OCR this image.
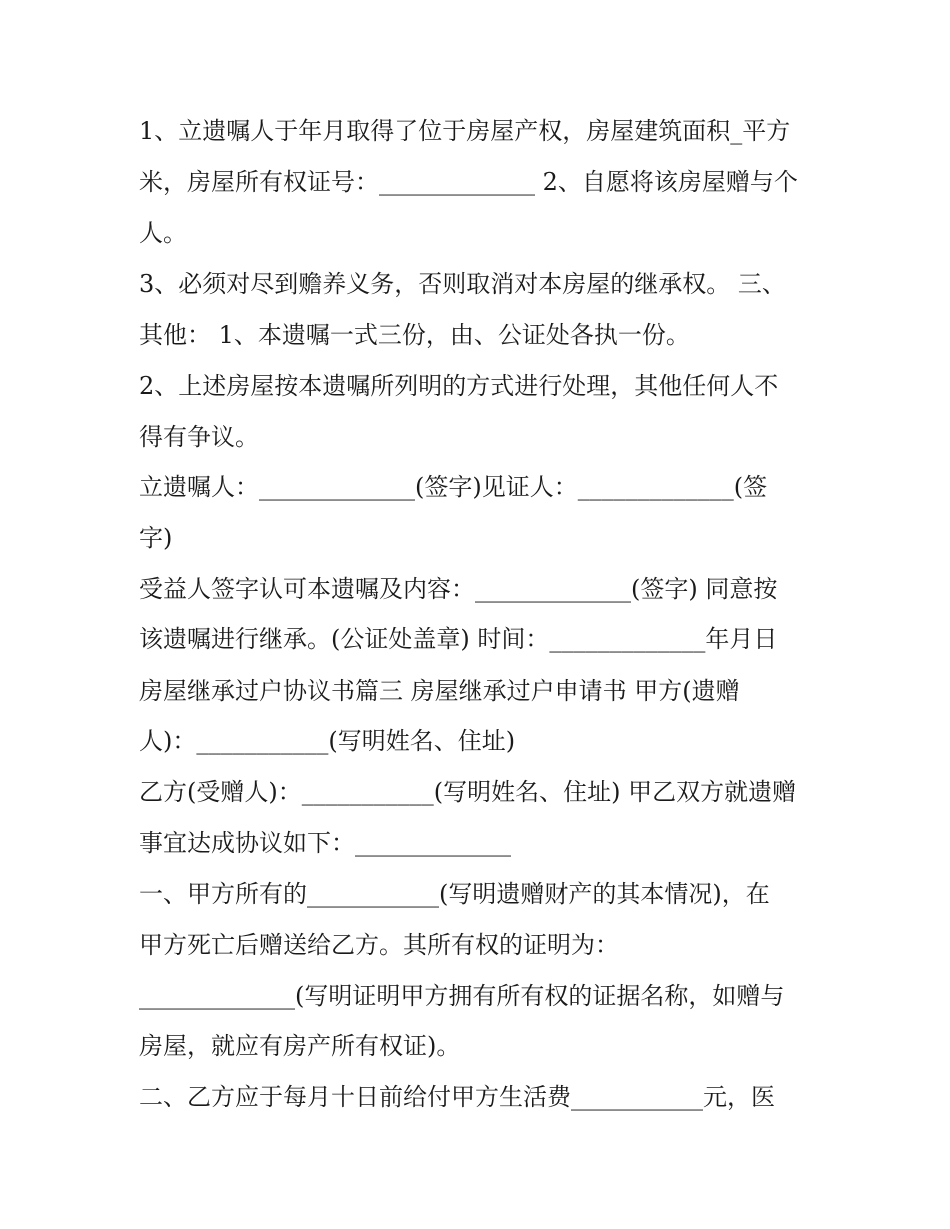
1、立遗嘱人于年月取得了位于房屋产权，房屋建筑面积_平方
米，房屋所有权证号：_____________ 2、自愿将该房屋赠与个
人。
3、必须对尽到赡养义务，否则取消对本房屋的继承权。 三、
其他： 1、本遗嘱一式三份，由、公证处各执一份。
2、上述房屋按本遗嘱所列明的方式进行处理，其他任何人不
得有争议。
立遗嘱人：_____________(签字)见证人：_____________(签
字)
受益人签字认可本遗嘱及内容：_____________(签字) 同意按
该遗嘱进行继承。(公证处盖章) 时间：_____________年月日
房屋继承过户协议书篇三 房屋继承过户申请书 甲方(遗赠
人)：___________(写明姓名、住址)
乙方(受赠人)：___________(写明姓名、住址) 甲乙双方就遗赠
事宜达成协议如下：_____________
一、甲方所有的___________(写明遗赠财产的其本情况)，在
甲方死亡后赠送给乙方。其所有权的证明为：
_____________(写明证明甲方拥有所有权的证据名称，如赠与
房屋，就应有房产所有权证)。
二、乙方应于每月十日前给付甲方生活费___________元，医
